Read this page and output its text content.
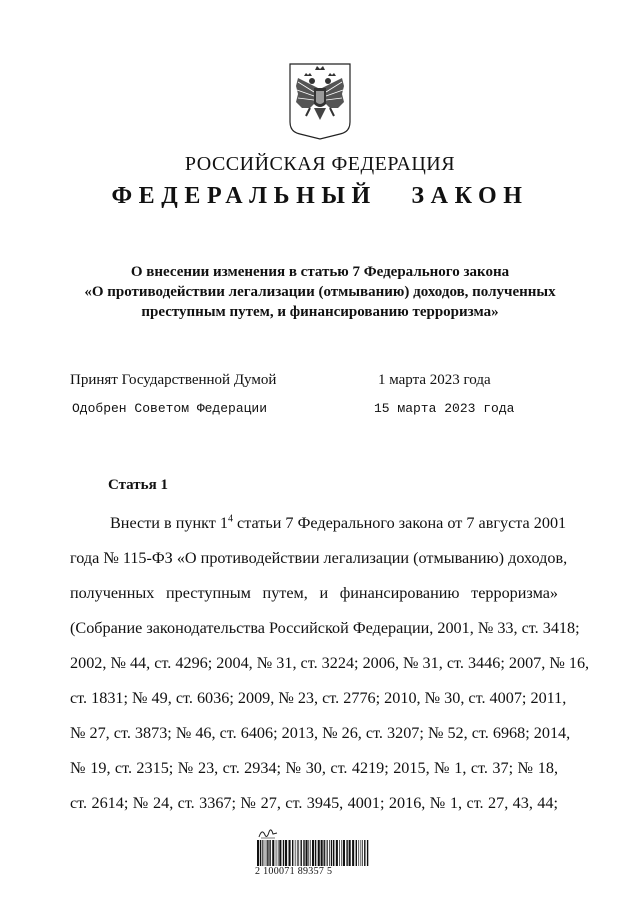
РОССИЙСКАЯ ФЕДЕРАЦИЯ
ФЕДЕРАЛЬНЫЙ ЗАКОН
О внесении изменения в статью 7 Федерального закона
«О противодействии легализации (отмыванию) доходов, полученных
преступным путем, и финансированию терроризма»
Принят Государственной Думой	1 марта 2023 года
Одобрен Советом Федерации	15 марта 2023 года
Статья 1
Внести в пункт $1^4$ статьи 7 Федерального закона от 7 августа 2001
года № 115-ФЗ «О противодействии легализации (отмыванию) доходов,
полученных преступным путем, и финансированию терроризма»
(Собрание законодательства Российской Федерации, 2001, № 33, ст. 3418;
2002, № 44, ст. 4296; 2004, № 31, ст. 3224; 2006, № 31, ст. 3446; 2007, № 16,
ст. 1831; № 49, ст. 6036; 2009, № 23, ст. 2776; 2010, № 30, ст. 4007; 2011,
№ 27, ст. 3873; № 46, ст. 6406; 2013, № 26, ст. 3207; № 52, ст. 6968; 2014,
№ 19, ст. 2315; № 23, ст. 2934; № 30, ст. 4219; 2015, № 1, ст. 37; № 18,
ст. 2614; № 24, ст. 3367; № 27, ст. 3945, 4001; 2016, № 1, ст. 27, 43, 44;
2 100071 89357 5
